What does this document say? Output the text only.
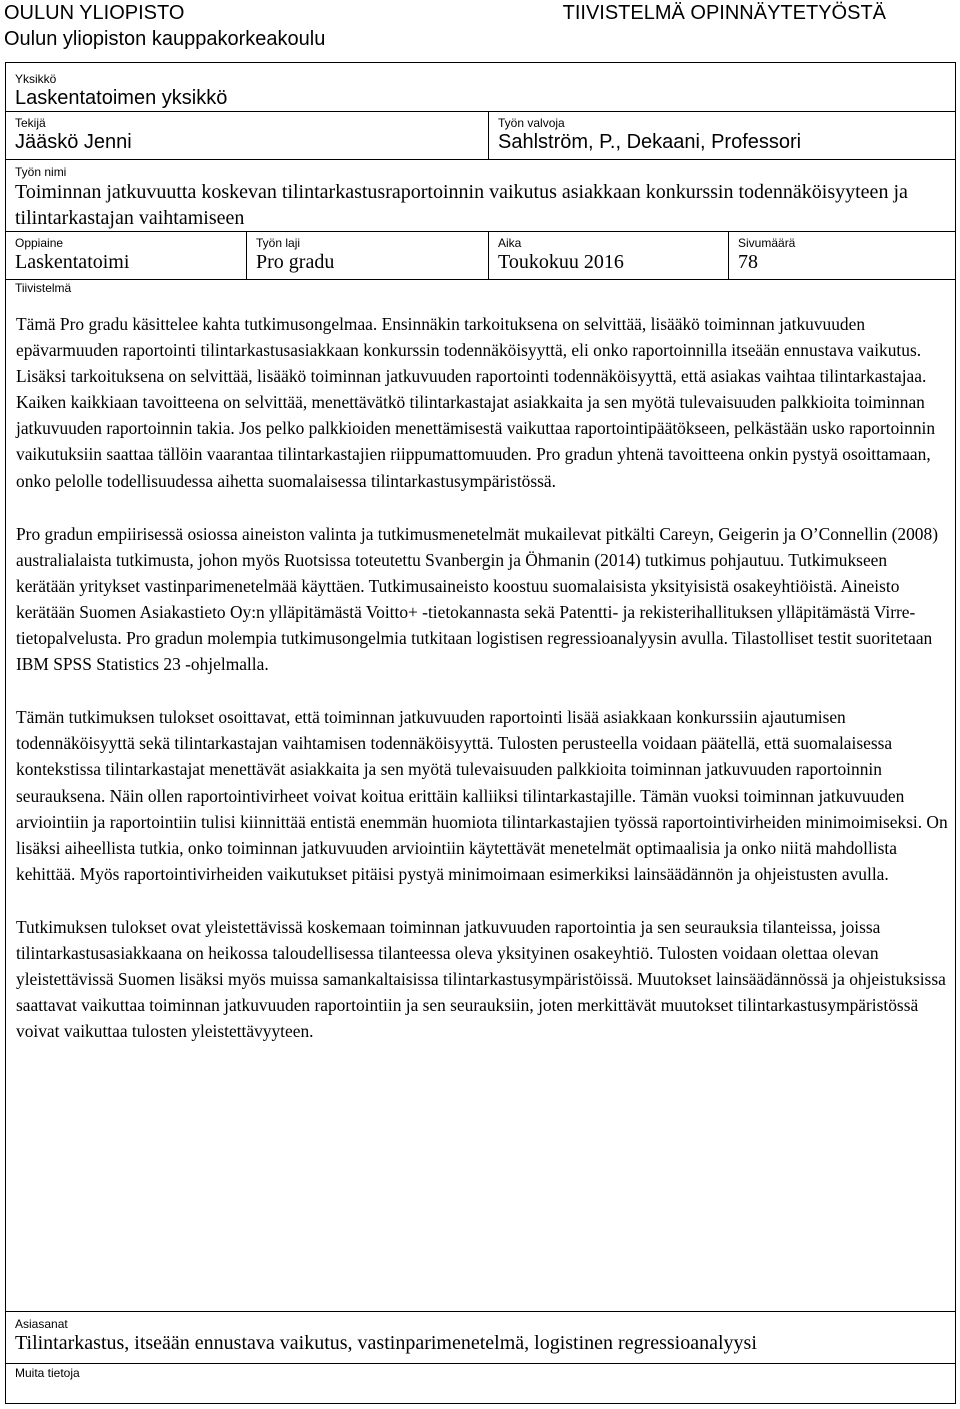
OULUN YLIOPISTO
Oulun yliopiston kauppakorkeakoulu
TIIVISTELMÄ OPINNÄYTETYÖSTÄ
Yksikkö
Laskentatoimen yksikkö
Tekijä
Jääskö Jenni
Työn valvoja
Sahlström, P., Dekaani, Professori
Työn nimi
Toiminnan jatkuvuutta koskevan tilintarkastusraportoinnin vaikutus asiakkaan konkurssin todennäköisyyteen ja tilintarkastajan vaihtamiseen
Oppiaine
Laskentatoimi
Työn laji
Pro gradu
Aika
Toukokuu 2016
Sivumäärä
78
Tiivistelmä

Tämä Pro gradu käsittelee kahta tutkimusongelmaa. Ensinnäkin tarkoituksena on selvittää, lisääkö toiminnan jatkuvuuden epävarmuuden raportointi tilintarkastusasiakkaan konkurssin todennäköisyyttä, eli onko raportoinnilla itseään ennustava vaikutus. Lisäksi tarkoituksena on selvittää, lisääkö toiminnan jatkuvuuden raportointi todennäköisyyttä, että asiakas vaihtaa tilintarkastajaa. Kaiken kaikkiaan tavoitteena on selvittää, menettävätkö tilintarkastajat asiakkaita ja sen myötä tulevaisuuden palkkioita toiminnan jatkuvuuden raportoinnin takia. Jos pelko palkkioiden menettämisestä vaikuttaa raportointipäätökseen, pelkästään usko raportoinnin vaikutuksiin saattaa tällöin vaarantaa tilintarkastajien riippumattomuuden. Pro gradun yhtenä tavoitteena onkin pystyä osoittamaan, onko pelolle todellisuudessa aihetta suomalaisessa tilintarkastusympäristössä.

Pro gradun empiirisessä osiossa aineiston valinta ja tutkimusmenetelmät mukailevat pitkälti Careyn, Geigerin ja O’Connellin (2008) australialaista tutkimusta, johon myös Ruotsissa toteutettu Svanbergin ja Öhmanin (2014) tutkimus pohjautuu. Tutkimukseen kerätään yritykset vastinparimenetelmää käyttäen. Tutkimusaineisto koostuu suomalaisista yksityisistä osakeyhtiöistä. Aineisto kerätään Suomen Asiakastieto Oy:n ylläpitämästä Voitto+ -tietokannasta sekä Patentti- ja rekisterihallituksen ylläpitämästä Virre-tietopalvelusta. Pro gradun molempia tutkimusongelmia tutkitaan logistisen regressioanalyysin avulla. Tilastolliset testit suoritetaan IBM SPSS Statistics 23 -ohjelmalla.

Tämän tutkimuksen tulokset osoittavat, että toiminnan jatkuvuuden raportointi lisää asiakkaan konkurssiin ajautumisen todennäköisyyttä sekä tilintarkastajan vaihtamisen todennäköisyyttä. Tulosten perusteella voidaan päätellä, että suomalaisessa kontekstissa tilintarkastajat menettävät asiakkaita ja sen myötä tulevaisuuden palkkioita toiminnan jatkuvuuden raportoinnin seurauksena. Näin ollen raportointivirheet voivat koitua erittäin kalliiksi tilintarkastajille. Tämän vuoksi toiminnan jatkuvuuden arviointiin ja raportointiin tulisi kiinnittää entistä enemmän huomiota tilintarkastajien työssä raportointivirheiden minimoimiseksi. On lisäksi aiheellista tutkia, onko toiminnan jatkuvuuden arviointiin käytettävät menetelmät optimaalisia ja onko niitä mahdollista kehittää. Myös raportointivirheiden vaikutukset pitäisi pystyä minimoimaan esimerkiksi lainsäädännön ja ohjeistusten avulla.

Tutkimuksen tulokset ovat yleistettävissä koskemaan toiminnan jatkuvuuden raportointia ja sen seurauksia tilanteissa, joissa tilintarkastusasiakkaana on heikossa taloudellisessa tilanteessa oleva yksityinen osakeyhtiö. Tulosten voidaan olettaa olevan yleistettävissä Suomen lisäksi myös muissa samankaltaisissa tilintarkastusympäristöissä. Muutokset lainsäädännössä ja ohjeistuksissa saattavat vaikuttaa toiminnan jatkuvuuden raportointiin ja sen seurauksiin, joten merkittävät muutokset tilintarkastusympäristössä voivat vaikuttaa tulosten yleistettävyyteen.

Asiasanat
Tilintarkastus, itseään ennustava vaikutus, vastinparimenetelmä, logistinen regressioanalyysi
Muita tietoja
